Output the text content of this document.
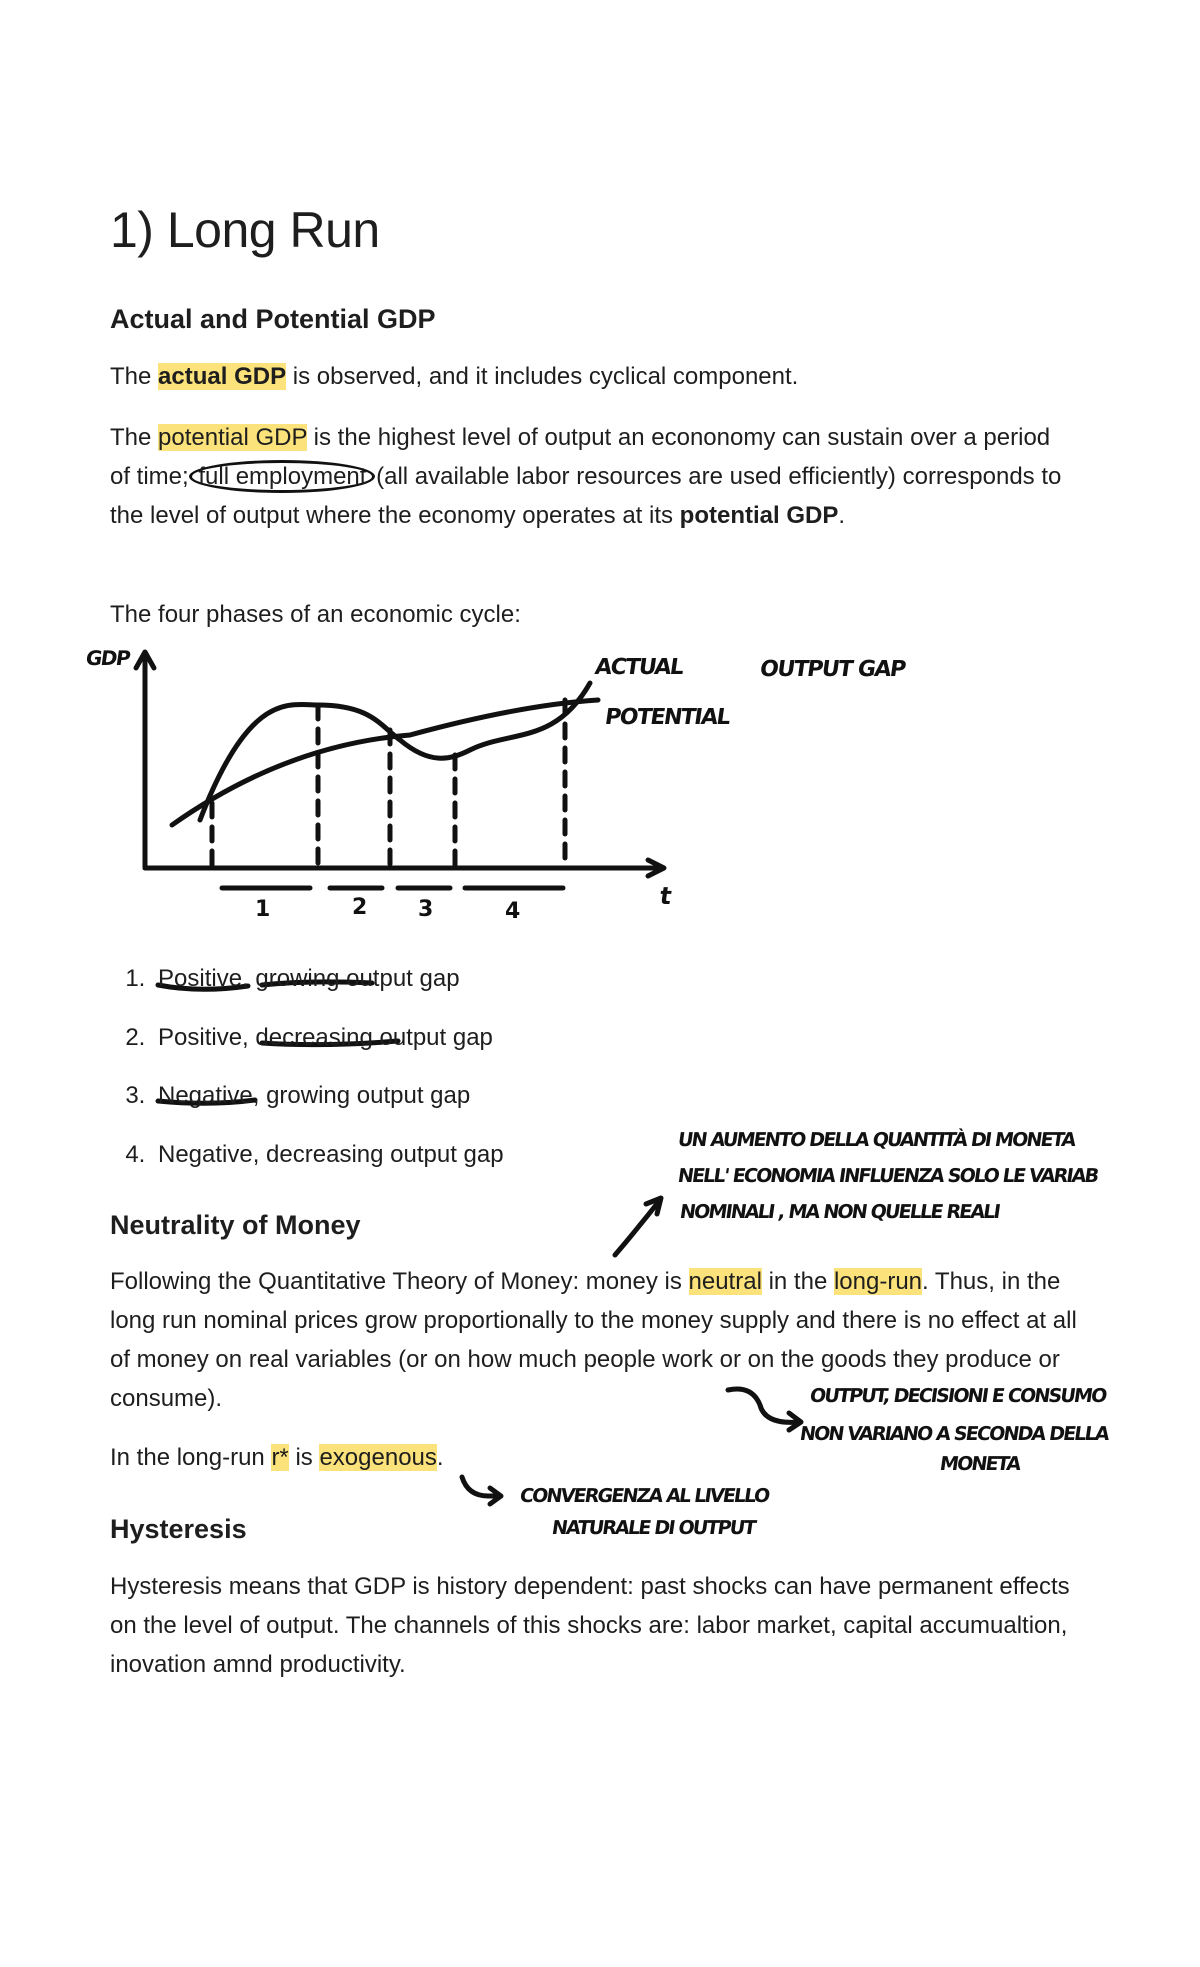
1) Long Run
Actual and Potential GDP

The actual GDP is observed, and it includes cyclical component.

The potential GDP is the highest level of output an econonomy can sustain over a period of time; full employment (all available labor resources are used efficiently) corresponds to the level of output where the economy operates at its potential GDP.

The four phases of an economic cycle:

1	2 3	4
GDP
t
ACTUAL
POTENTIAL
OUTPUT GAP
1. Positive, growing output gap
2. Positive, decreasing output gap
3. Negative, growing output gap
4. Negative, decreasing output gap
UN AUMENTO DELLA QUANTITÀ DI MONETA
NELL' ECONOMIA INFLUENZA SOLO LE VARIAB
NOMINALI , MA NON QUELLE REALI
Neutrality of Money

Following the Quantitative Theory of Money: money is neutral in the long-run. Thus, in the long run nominal prices grow proportionally to the money supply and there is no effect at all of money on real variables (or on how much people work or on the goods they produce or consume).	OUTPUT, DECISIONI E CONSUMO
NON VARIANO A SECONDA DELLA
MONETA

In the long-run r* is exogenous.

CONVERGENZA AL LIVELLO
NATURALE DI OUTPUT
Hysteresis

Hysteresis means that GDP is history dependent: past shocks can have permanent effects on the level of output. The channels of this shocks are: labor market, capital accumualtion, inovation amnd productivity.
